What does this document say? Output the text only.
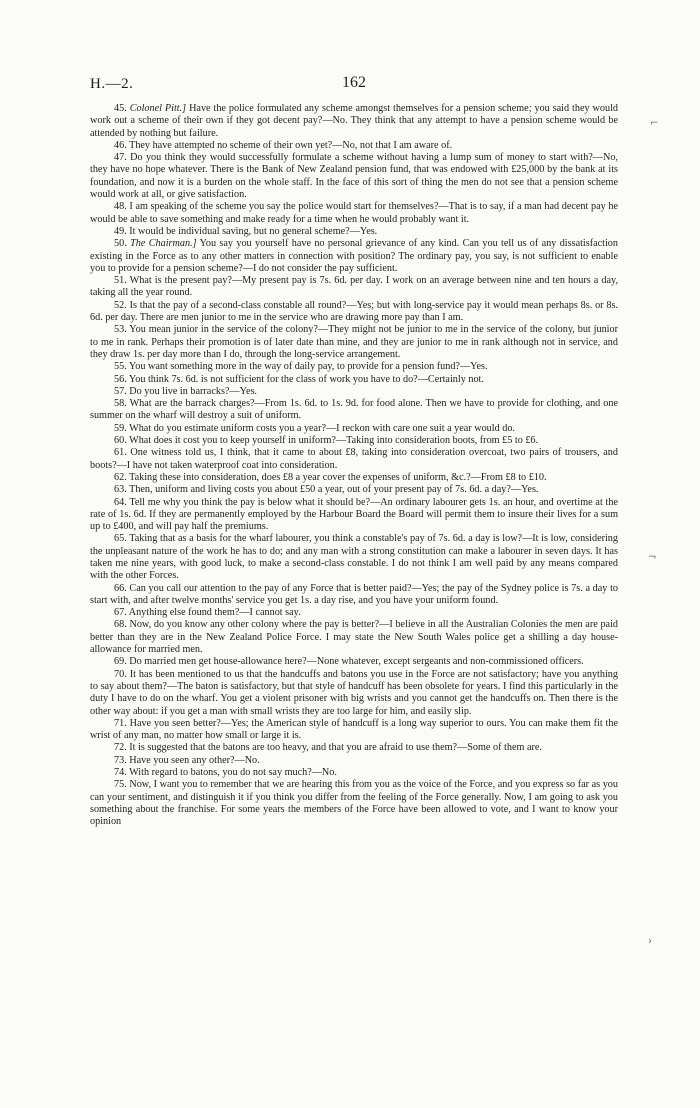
H.—2.	162

45. Colonel Pitt.] Have the police formulated any scheme amongst themselves for a pension scheme; you said they would work out a scheme of their own if they got decent pay?—No. They think that any attempt to have a pension scheme would be attended by nothing but failure.

46. They have attempted no scheme of their own yet?—No, not that I am aware of.

47. Do you think they would successfully formulate a scheme without having a lump sum of money to start with?—No, they have no hope whatever. There is the Bank of New Zealand pension fund, that was endowed with £25,000 by the bank at its foundation, and now it is a burden on the whole staff. In the face of this sort of thing the men do not see that a pension scheme would work at all, or give satisfaction.

48. I am speaking of the scheme you say the police would start for themselves?—That is to say, if a man had decent pay he would be able to save something and make ready for a time when he would probably want it.

49. It would be individual saving, but no general scheme?—Yes.

50. The Chairman.] You say you yourself have no personal grievance of any kind. Can you tell us of any dissatisfaction existing in the Force as to any other matters in connection with position? The ordinary pay, you say, is not sufficient to enable you to provide for a pension scheme?—I do not consider the pay sufficient.

51. What is the present pay?—My present pay is 7s. 6d. per day. I work on an average between nine and ten hours a day, taking all the year round.

52. Is that the pay of a second-class constable all round?—Yes; but with long-service pay it would mean perhaps 8s. or 8s. 6d. per day. There are men junior to me in the service who are drawing more pay than I am.

53. You mean junior in the service of the colony?—They might not be junior to me in the service of the colony, but junior to me in rank. Perhaps their promotion is of later date than mine, and they are junior to me in rank although not in service, and they draw 1s. per day more than I do, through the long-service arrangement.

55. You want something more in the way of daily pay, to provide for a pension fund?—Yes.

56. You think 7s. 6d. is not sufficient for the class of work you have to do?—Certainly not.

57. Do you live in barracks?—Yes.

58. What are the barrack charges?—From 1s. 6d. to 1s. 9d. for food alone. Then we have to provide for clothing, and one summer on the wharf will destroy a suit of uniform.

59. What do you estimate uniform costs you a year?—I reckon with care one suit a year would do.

60. What does it cost you to keep yourself in uniform?—Taking into consideration boots, from £5 to £6.

61. One witness told us, I think, that it came to about £8, taking into consideration overcoat, two pairs of trousers, and boots?—I have not taken waterproof coat into consideration.

62. Taking these into consideration, does £8 a year cover the expenses of uniform, &c.?—From £8 to £10.

63. Then, uniform and living costs you about £50 a year, out of your present pay of 7s. 6d. a day?—Yes.

64. Tell me why you think the pay is below what it should be?—An ordinary labourer gets 1s. an hour, and overtime at the rate of 1s. 6d. If they are permanently employed by the Harbour Board the Board will permit them to insure their lives for a sum up to £400, and will pay half the premiums.

65. Taking that as a basis for the wharf labourer, you think a constable's pay of 7s. 6d. a day is low?—It is low, considering the unpleasant nature of the work he has to do; and any man with a strong constitution can make a labourer in seven days. It has taken me nine years, with good luck, to make a second-class constable. I do not think I am well paid by any means compared with the other Forces.

66. Can you call our attention to the pay of any Force that is better paid?—Yes; the pay of the Sydney police is 7s. a day to start with, and after twelve months' service you get 1s. a day rise, and you have your uniform found.

67. Anything else found them?—I cannot say.

68. Now, do you know any other colony where the pay is better?—I believe in all the Australian Colonies the men are paid better than they are in the New Zealand Police Force. I may state the New South Wales police get a shilling a day house-allowance for married men.

69. Do married men get house-allowance here?—None whatever, except sergeants and non-commissioned officers.

70. It has been mentioned to us that the handcuffs and batons you use in the Force are not satisfactory; have you anything to say about them?—The baton is satisfactory, but that style of handcuff has been obsolete for years. I find this particularly in the duty I have to do on the wharf. You get a violent prisoner with big wrists and you cannot get the handcuffs on. Then there is the other way about: if you get a man with small wrists they are too large for him, and easily slip.

71. Have you seen better?—Yes; the American style of handcuff is a long way superior to ours. You can make them fit the wrist of any man, no matter how small or large it is.

72. It is suggested that the batons are too heavy, and that you are afraid to use them?—Some of them are.

73. Have you seen any other?—No.

74. With regard to batons, you do not say much?—No.

75. Now, I want you to remember that we are hearing this from you as the voice of the Force, and you express so far as you can your sentiment, and distinguish it if you think you differ from the feeling of the Force generally. Now, I am going to ask you something about the franchise. For some years the members of the Force have been allowed to vote, and I want to know your opinion

⌐
¬
›
